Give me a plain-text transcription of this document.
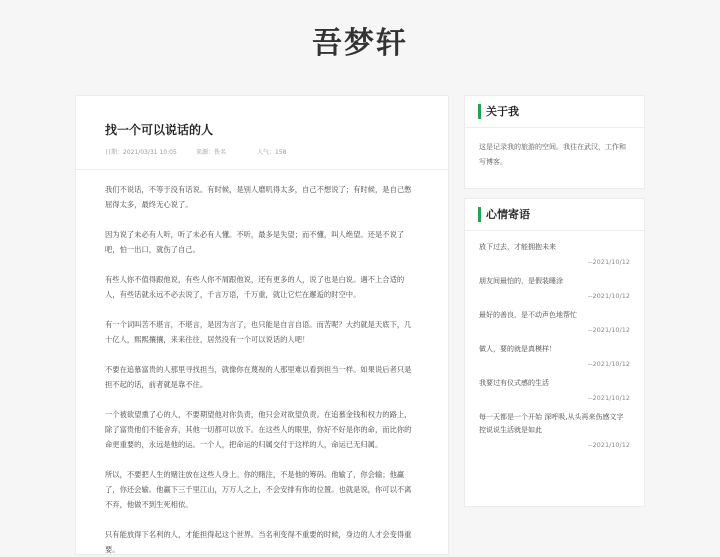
吾梦轩
找一个可以说话的人
日期：2021/03/31 10:05	来源：佚名	人气：158

我们不说话，不等于没有话说。有时候，是别人磨叽得太多，自己不想说了；有时候，是自己憋屈得太多，最终无心说了。

因为说了未必有人听，听了未必有人懂。不听，最多是失望；而不懂，叫人绝望。还是不说了吧，怕一出口，就伤了自己。

有些人你不值得跟他说，有些人你不屑跟他说，还有更多的人，说了也是白说。遇不上合适的人，有些话就永远不必去说了，千言万语，千万重，就让它烂在邂逅的时空中。

有一个词叫苦不堪言，不堪言，是因为言了，也只能是自言自语。而苦呢？大约就是天底下，几十亿人，熙熙攘攘，来来往往，居然没有一个可以说话的人吧！

不要在追慕富贵的人那里寻找担当，就像你在蔑视的人那里难以看到担当一样。如果说后者只是担不起的话，前者就是靠不住。

一个被欲望熏了心的人，不要期望他对你负责，他只会对欲望负责。在追慕金钱和权力的路上，除了富贵他们不能舍弃，其他一切都可以放下。在这些人的眼里，你好不好是你的命，而比你的命更重要的，永远是他的运。一个人，把命运的归属交付于这样的人，命运已无归属。

所以，不要把人生的赌注放在这些人身上。你的赌注，不是他的筹码。他输了，你会输；他赢了，你还会输。他赢下三千里江山，万万人之上，不会安排有你的位置。也就是说，你可以不离不弃，他做不到生死相依。

只有能放得下名利的人，才能担得起这个世界。当名利变得不重要的时候，身边的人才会变得重要。

关于我
这是记录我的旅游的空间。我往在武汉，工作和写博客。
心情寄语
放下过去，才能拥抱未来
--2021/10/12
朋友间最怕的，是假装睡涂
--2021/10/12
最好的善良，是不动声色地帮忙
--2021/10/12
做人，要的就是真模样！
--2021/10/12
我要过有仪式感的生活
--2021/10/12
每一天都是一个开始 深呼吸,从头再来伤感文字控说说生活就是如此
--2021/10/12
